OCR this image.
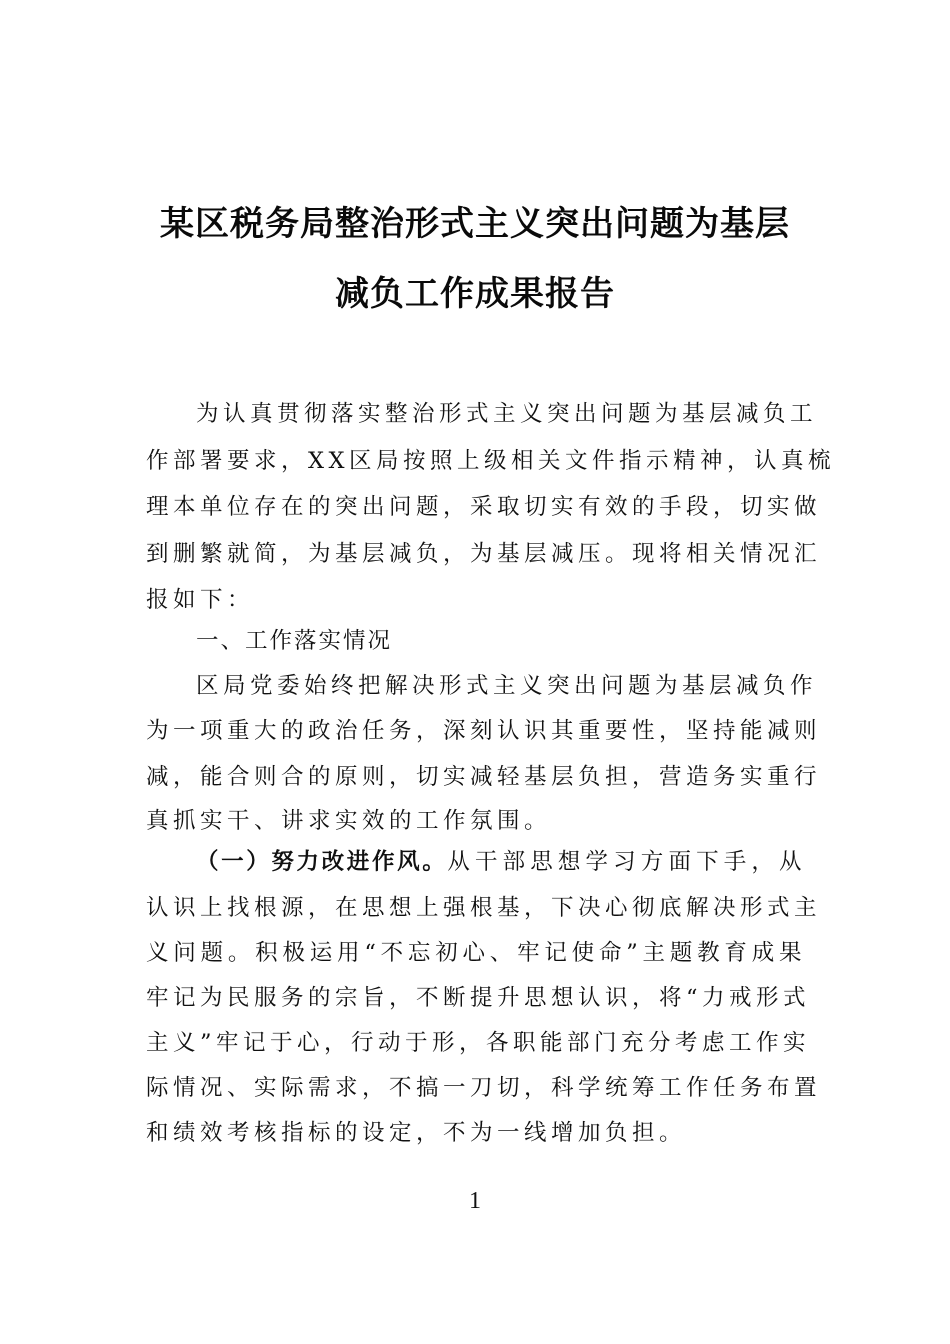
某区税务局整治形式主义突出问题为基层
减负工作成果报告
为认真贯彻落实整治形式主义突出问题为基层减负工
作部署要求，XX区局按照上级相关文件指示精神，认真梳
理本单位存在的突出问题，采取切实有效的手段，切实做
到删繁就简，为基层减负，为基层减压。现将相关情况汇
报如下：
一、工作落实情况
区局党委始终把解决形式主义突出问题为基层减负作
为一项重大的政治任务，深刻认识其重要性，坚持能减则
减，能合则合的原则，切实减轻基层负担，营造务实重行
真抓实干、讲求实效的工作氛围。
（一）努力改进作风。从干部思想学习方面下手，从
认识上找根源，在思想上强根基，下决心彻底解决形式主
义问题。积极运用“不忘初心、牢记使命”主题教育成果
牢记为民服务的宗旨，不断提升思想认识，将“力戒形式
主义”牢记于心，行动于形，各职能部门充分考虑工作实
际情况、实际需求，不搞一刀切，科学统筹工作任务布置
和绩效考核指标的设定，不为一线增加负担。
1
